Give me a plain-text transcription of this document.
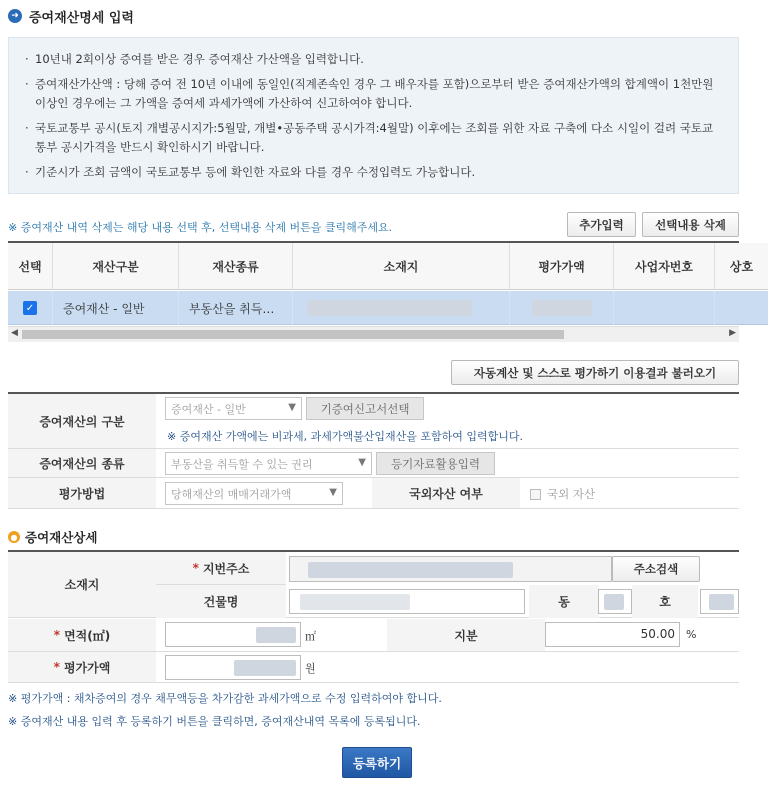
➜ 증여재산명세 입력
· 10년내 2회이상 증여를 받은 경우 증여재산 가산액을 입력합니다.
· 증여재산가산액 : 당해 증여 전 10년 이내에 동일인(직계존속인 경우 그 배우자를 포함)으로부터 받은 증여재산가액의 합계액이 1천만원 이상인 경우에는 그 가액을 증여세 과세가액에 가산하여 신고하여야 합니다.
· 국토교통부 공시(토지 개별공시지가:5월말, 개별•공동주택 공시가격:4월말) 이후에는 조회를 위한 자료 구축에 다소 시일이 걸려 국토교통부 공시가격을 반드시 확인하시기 바랍니다.
· 기준시가 조회 금액이 국토교통부 등에 확인한 자료와 다를 경우 수정입력도 가능합니다.
※ 증여재산 내역 삭제는 해당 내용 선택 후, 선택내용 삭제 버튼을 클릭해주세요.	추가입력	선택내용 삭제
선택	재산구분	재산종류	소재지	평가가액	사업자번호	상호
✓	증여재산 - 일반	부동산을 취득…
◀	▶
자동계산 및 스스로 평가하기 이용결과 불러오기
증여재산의 구분
증여재산 - 일반	▼	기증여신고서선택
※ 증여재산 가액에는 비과세, 과세가액불산입재산을 포함하여 입력합니다.
증여재산의 종류	부동산을 취득할 수 있는 권리	▼	등기자료활용입력
평가방법	당해재산의 매매거래가액	▼	국외자산 여부	국외 자산
● 증여재산상세
소재지
* 지번주소	주소검색
건물명	동	호
* 면적(㎡)	㎡	지분	50.00	%
* 평가가액	원
※ 평가가액 : 채차증여의 경우 채무액등을 차가감한 과세가액으로 수정 입력하여야 합니다.
※ 증여재산 내용 입력 후 등록하기 버튼을 클릭하면, 증여재산내역 목록에 등록됩니다.
등록하기
